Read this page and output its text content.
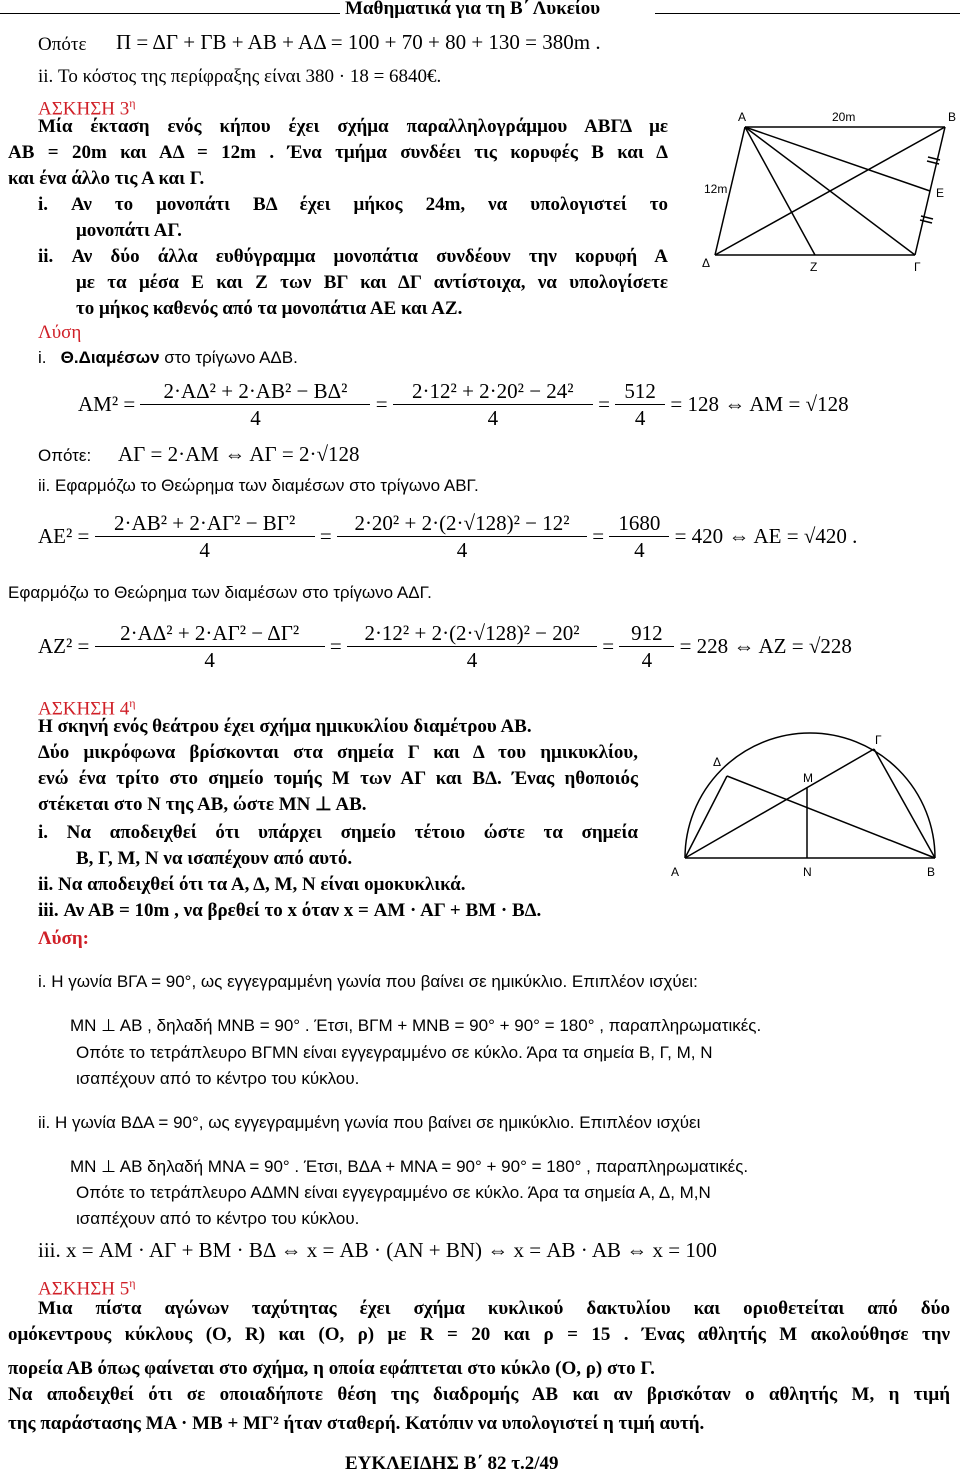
Μαθηματικά για τη Β΄ Λυκείου
Οπότε Π = ΔΓ + ΓΒ + ΑΒ + ΑΔ = 100 + 70 + 80 + 130 = 380m .
ii. Το κόστος της περίφραξης είναι 380 · 18 = 6840€.
ΑΣΚΗΣΗ $3^\eta$
Μία έκταση ενός κήπου έχει σχήμα παραλληλογράμμου ΑΒΓΔ με
ΑΒ = 20m και ΑΔ = 12m . Ένα τμήμα συνδέει τις κορυφές Β και Δ
και ένα άλλο τις Α και Γ.
i. Αν το μονοπάτι ΒΔ έχει μήκος 24m, να υπολογιστεί το
μονοπάτι ΑΓ.
ii. Αν δύο άλλα ευθύγραμμα μονοπάτια συνδέουν την κορυφή Α
με τα μέσα Ε και Ζ των ΒΓ και ΔΓ αντίστοιχα, να υπολογίσετε
το μήκος καθενός από τα μονοπάτια ΑΕ και ΑΖ.
Α	Β
Γ
Δ
Ε
Ζ
20m
12m
Λύση
i. Θ.Διαμέσων στο τρίγωνο ΑΔΒ.
$AM^2 = \frac{\text{2·ΑΔ² + 2·ΑΒ² − ΒΔ²}}{4} = \frac{\text{2·12² + 2·20² − 24²}}{4} = \frac{512}{4} = 128$ ⇔ ΑΜ = √128
Οπότε: ΑΓ = 2·ΑΜ ⇔ ΑΓ = 2·√128
ii. Εφαρμόζω το Θεώρημα των διαμέσων στο τρίγωνο ΑΒΓ.
$AE^2 = \frac{\text{2·ΑΒ² + 2·ΑΓ² − ΒΓ²}}{4} = \frac{\text{2·20² + 2·(2·√128)² − 12²}}{4} = \frac{1680}{4} = 420$ ⇔ ΑΕ = √420 .
Εφαρμόζω το Θεώρημα των διαμέσων στο τρίγωνο ΑΔΓ.
$AZ^2 = \frac{\text{2·ΑΔ² + 2·ΑΓ² − ΔΓ²}}{4} = \frac{\text{2·12² + 2·(2·√128)² − 20²}}{4} = \frac{912}{4} = 228$ ⇔ ΑΖ = √228
ΑΣΚΗΣΗ $4^\eta$
Η σκηνή ενός θεάτρου έχει σχήμα ημικυκλίου διαμέτρου ΑΒ.
Δύο μικρόφωνα βρίσκονται στα σημεία Γ και Δ του ημικυκλίου,
ενώ ένα τρίτο στο σημείο τομής Μ των ΑΓ και ΒΔ. Ένας ηθοποιός
στέκεται στο Ν της ΑΒ, ώστε ΜΝ ⊥ ΑΒ.
i. Να αποδειχθεί ότι υπάρχει σημείο τέτοιο ώστε τα σημεία
Β, Γ, Μ, Ν να ισαπέχουν από αυτό.
ii. Να αποδειχθεί ότι τα Α, Δ, Μ, Ν είναι ομοκυκλικά.
iii. Αν ΑΒ = 10m , να βρεθεί το x όταν x = ΑΜ · ΑΓ + ΒΜ · ΒΔ.
Λύση:
Α	Β
Γ
Δ
Μ
Ν
i. Η γωνία ΒΓΑ = 90°, ως εγγεγραμμένη γωνία που βαίνει σε ημικύκλιο. Επιπλέον ισχύει:
ΜΝ ⊥ ΑΒ , δηλαδή ΜΝΒ = 90° . Έτσι, ΒΓΜ + ΜΝΒ = 90° + 90° = 180° , παραπληρωματικές.
Οπότε το τετράπλευρο ΒΓΜΝ είναι εγγεγραμμένο σε κύκλο. Άρα τα σημεία Β, Γ, Μ, Ν
ισαπέχουν από το κέντρο του κύκλου.
ii. Η γωνία ΒΔΑ = 90°, ως εγγεγραμμένη γωνία που βαίνει σε ημικύκλιο. Επιπλέον ισχύει
ΜΝ ⊥ ΑΒ δηλαδή ΜΝΑ = 90° . Έτσι, ΒΔΑ + ΜΝΑ = 90° + 90° = 180° , παραπληρωματικές.
Οπότε το τετράπλευρο ΑΔΜΝ είναι εγγεγραμμένο σε κύκλο. Άρα τα σημεία Α, Δ, Μ,Ν
ισαπέχουν από το κέντρο του κύκλου.
iii. x = ΑΜ · ΑΓ + ΒΜ · ΒΔ ⇔ x = ΑΒ · (ΑΝ + ΒΝ) ⇔ x = ΑΒ · ΑΒ ⇔ x = 100
ΑΣΚΗΣΗ $5^\eta$
Μια πίστα αγώνων ταχύτητας έχει σχήμα κυκλικού δακτυλίου και οριοθετείται από δύο
ομόκεντρους κύκλους (Ο, R) και (Ο, ρ) με R = 20 και ρ = 15 . Ένας αθλητής Μ ακολούθησε την
πορεία ΑΒ όπως φαίνεται στο σχήμα, η οποία εφάπτεται στο κύκλο (Ο, ρ) στο Γ.
Να αποδειχθεί ότι σε οποιαδήποτε θέση της διαδρομής ΑΒ και αν βρισκόταν ο αθλητής Μ, η τιμή
της παράστασης ΜΑ · ΜΒ + ΜΓ² ήταν σταθερή. Κατόπιν να υπολογιστεί η τιμή αυτή.
ΕΥΚΛΕΙΔΗΣ Β΄ 82 τ.2/49
